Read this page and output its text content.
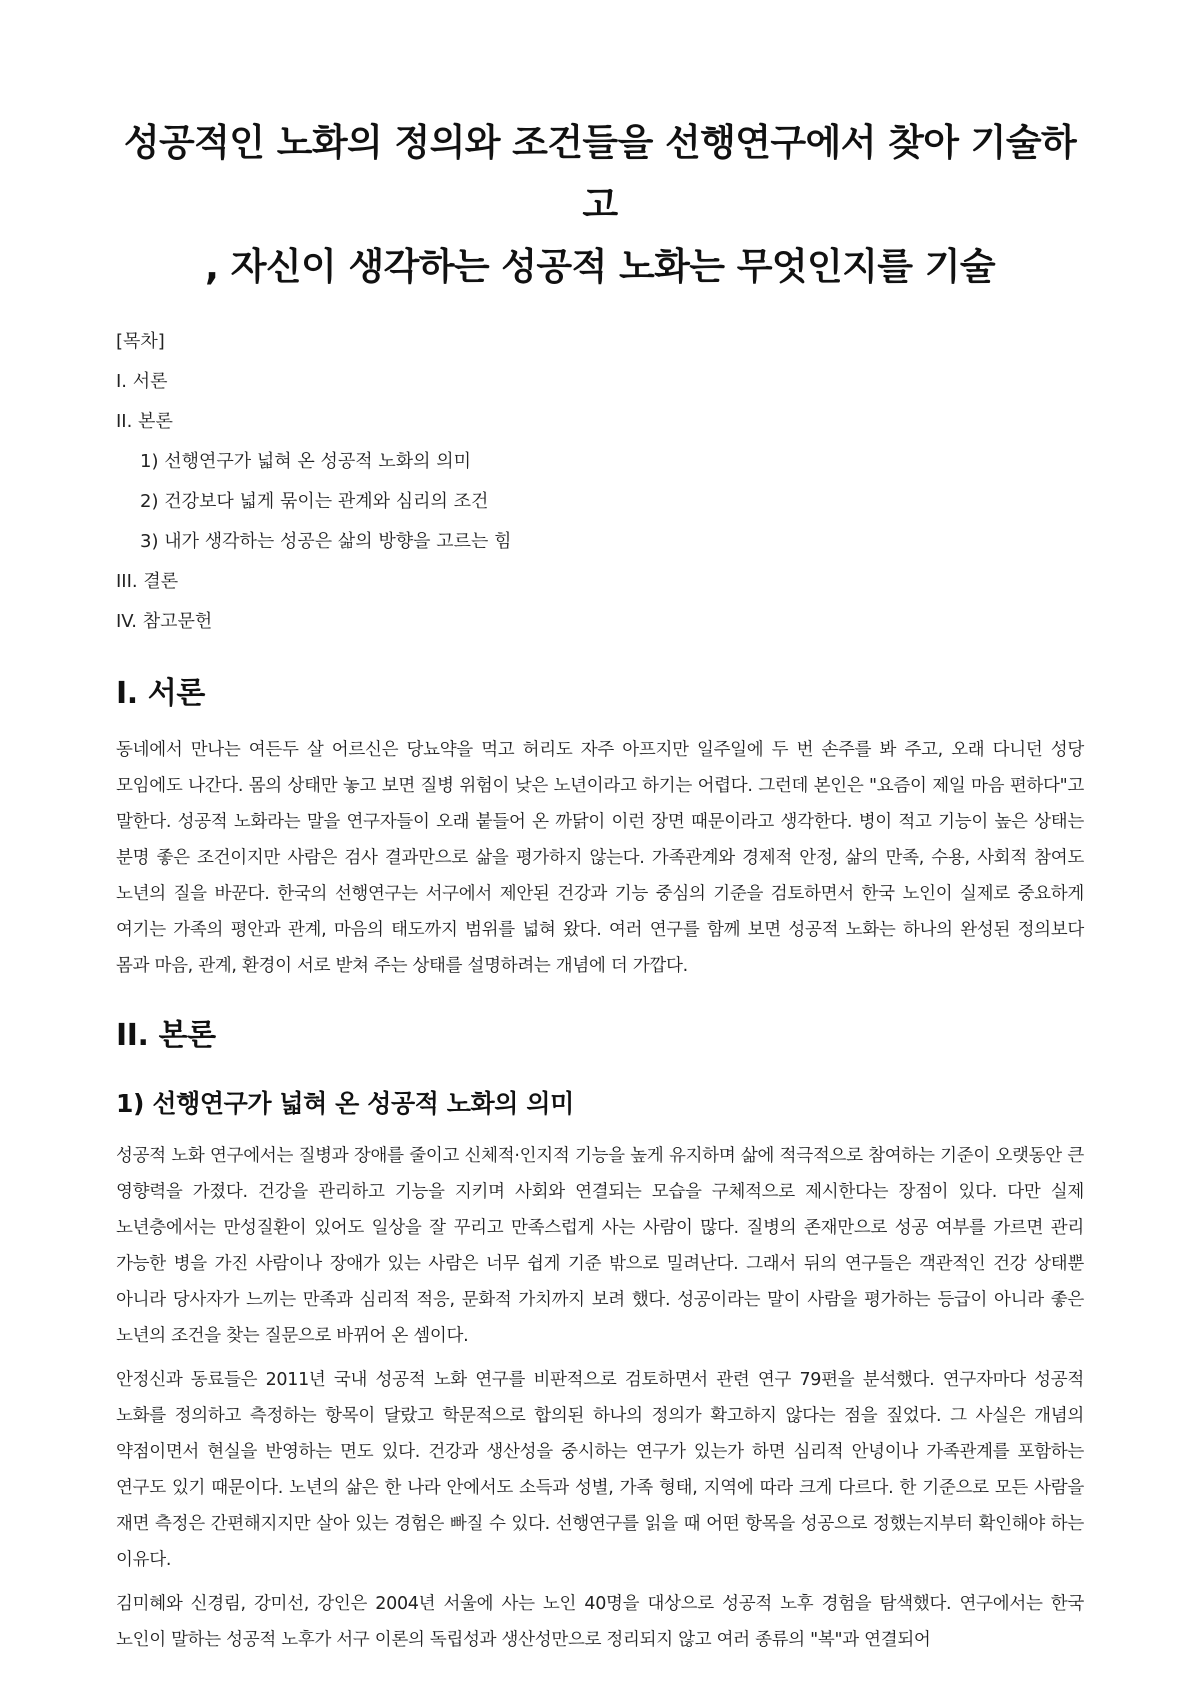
성공적인 노화의 정의와 조건들을 선행연구에서 찾아 기술하고
, 자신이 생각하는 성공적 노화는 무엇인지를 기술
[목차]
I. 서론
II. 본론
1) 선행연구가 넓혀 온 성공적 노화의 의미
2) 건강보다 넓게 묶이는 관계와 심리의 조건
3) 내가 생각하는 성공은 삶의 방향을 고르는 힘
III. 결론
IV. 참고문헌
I. 서론

동네에서 만나는 여든두 살 어르신은 당뇨약을 먹고 허리도 자주 아프지만 일주일에 두 번 손주를 봐 주고, 오래 다니던 성당 모임에도 나간다. 몸의 상태만 놓고 보면 질병 위험이 낮은 노년이라고 하기는 어렵다. 그런데 본인은 "요즘이 제일 마음 편하다"고 말한다. 성공적 노화라는 말을 연구자들이 오래 붙들어 온 까닭이 이런 장면 때문이라고 생각한다. 병이 적고 기능이 높은 상태는 분명 좋은 조건이지만 사람은 검사 결과만으로 삶을 평가하지 않는다. 가족관계와 경제적 안정, 삶의 만족, 수용, 사회적 참여도 노년의 질을 바꾼다. 한국의 선행연구는 서구에서 제안된 건강과 기능 중심의 기준을 검토하면서 한국 노인이 실제로 중요하게 여기는 가족의 평안과 관계, 마음의 태도까지 범위를 넓혀 왔다. 여러 연구를 함께 보면 성공적 노화는 하나의 완성된 정의보다 몸과 마음, 관계, 환경이 서로 받쳐 주는 상태를 설명하려는 개념에 더 가깝다.

II. 본론
1) 선행연구가 넓혀 온 성공적 노화의 의미

성공적 노화 연구에서는 질병과 장애를 줄이고 신체적·인지적 기능을 높게 유지하며 삶에 적극적으로 참여하는 기준이 오랫동안 큰 영향력을 가졌다. 건강을 관리하고 기능을 지키며 사회와 연결되는 모습을 구체적으로 제시한다는 장점이 있다. 다만 실제 노년층에서는 만성질환이 있어도 일상을 잘 꾸리고 만족스럽게 사는 사람이 많다. 질병의 존재만으로 성공 여부를 가르면 관리 가능한 병을 가진 사람이나 장애가 있는 사람은 너무 쉽게 기준 밖으로 밀려난다. 그래서 뒤의 연구들은 객관적인 건강 상태뿐 아니라 당사자가 느끼는 만족과 심리적 적응, 문화적 가치까지 보려 했다. 성공이라는 말이 사람을 평가하는 등급이 아니라 좋은 노년의 조건을 찾는 질문으로 바뀌어 온 셈이다.

안정신과 동료들은 2011년 국내 성공적 노화 연구를 비판적으로 검토하면서 관련 연구 79편을 분석했다. 연구자마다 성공적 노화를 정의하고 측정하는 항목이 달랐고 학문적으로 합의된 하나의 정의가 확고하지 않다는 점을 짚었다. 그 사실은 개념의 약점이면서 현실을 반영하는 면도 있다. 건강과 생산성을 중시하는 연구가 있는가 하면 심리적 안녕이나 가족관계를 포함하는 연구도 있기 때문이다. 노년의 삶은 한 나라 안에서도 소득과 성별, 가족 형태, 지역에 따라 크게 다르다. 한 기준으로 모든 사람을 재면 측정은 간편해지지만 살아 있는 경험은 빠질 수 있다. 선행연구를 읽을 때 어떤 항목을 성공으로 정했는지부터 확인해야 하는 이유다.

김미혜와 신경림, 강미선, 강인은 2004년 서울에 사는 노인 40명을 대상으로 성공적 노후 경험을 탐색했다. 연구에서는 한국 노인이 말하는 성공적 노후가 서구 이론의 독립성과 생산성만으로 정리되지 않고 여러 종류의 "복"과 연결되어
